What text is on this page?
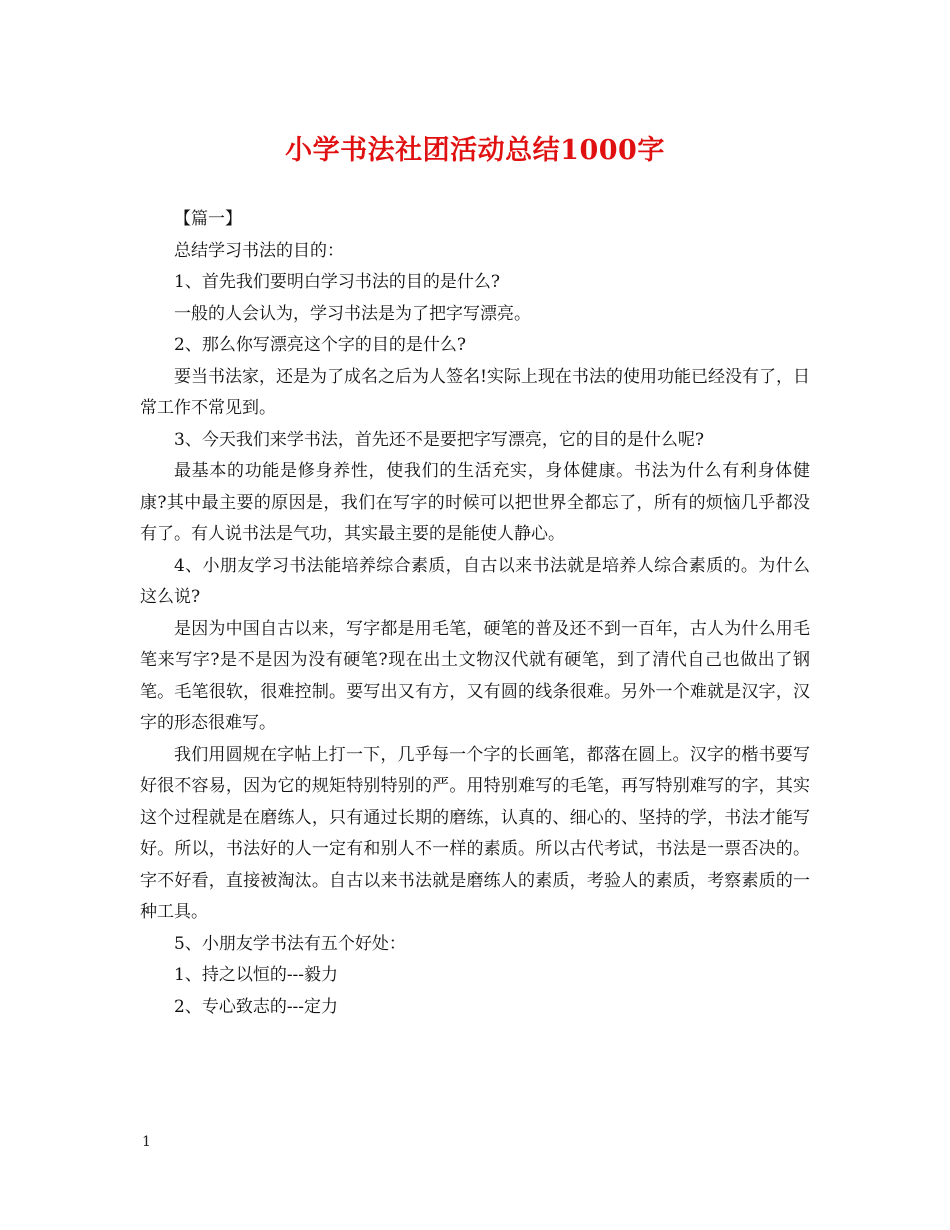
小学书法社团活动总结1000字

【篇一】

总结学习书法的目的：

1、首先我们要明白学习书法的目的是什么?

一般的人会认为，学习书法是为了把字写漂亮。

2、那么你写漂亮这个字的目的是什么?

要当书法家，还是为了成名之后为人签名!实际上现在书法的使用功能已经没有了，日常工作不常见到。

3、今天我们来学书法，首先还不是要把字写漂亮，它的目的是什么呢?

最基本的功能是修身养性，使我们的生活充实，身体健康。书法为什么有利身体健康?其中最主要的原因是，我们在写字的时候可以把世界全都忘了，所有的烦恼几乎都没有了。有人说书法是气功，其实最主要的是能使人静心。

4、小朋友学习书法能培养综合素质，自古以来书法就是培养人综合素质的。为什么这么说?

是因为中国自古以来，写字都是用毛笔，硬笔的普及还不到一百年，古人为什么用毛笔来写字?是不是因为没有硬笔?现在出土文物汉代就有硬笔，到了清代自己也做出了钢笔。毛笔很软，很难控制。要写出又有方，又有圆的线条很难。另外一个难就是汉字，汉字的形态很难写。

我们用圆规在字帖上打一下，几乎每一个字的长画笔，都落在圆上。汉字的楷书要写好很不容易，因为它的规矩特别特别的严。用特别难写的毛笔，再写特别难写的字，其实这个过程就是在磨练人，只有通过长期的磨练，认真的、细心的、坚持的学，书法才能写好。所以，书法好的人一定有和别人不一样的素质。所以古代考试，书法是一票否决的。字不好看，直接被淘汰。自古以来书法就是磨练人的素质，考验人的素质，考察素质的一种工具。

5、小朋友学书法有五个好处：

1、持之以恒的---毅力

2、专心致志的---定力

1
